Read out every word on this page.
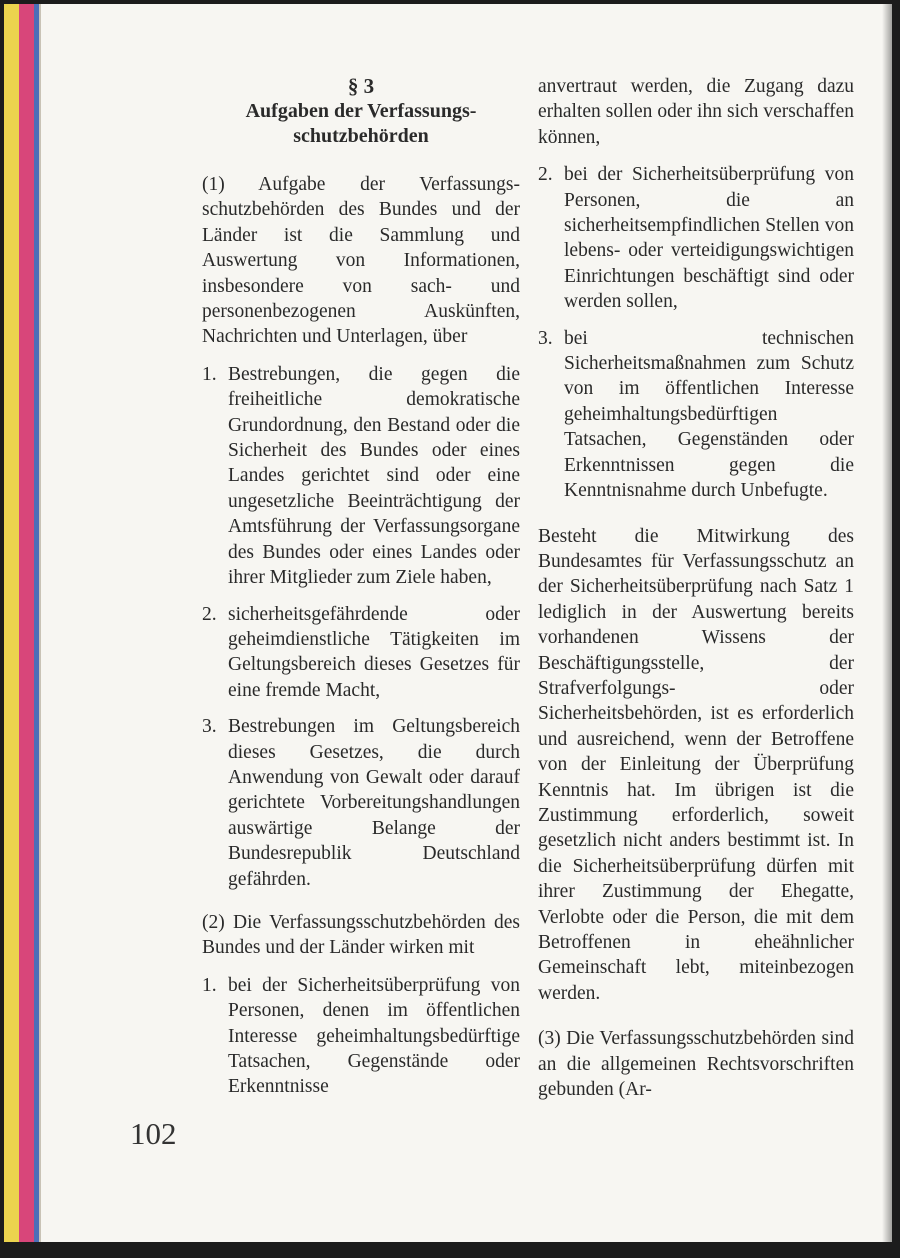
§ 3
Aufgaben der Verfassungs-
schutzbehörden

(1) Aufgabe der Verfassungs-schutzbehörden des Bundes und der Länder ist die Sammlung und Auswertung von Informationen, insbesondere von sach- und personenbezogenen Auskünften, Nachrichten und Unterlagen, über

1. Bestrebungen, die gegen die freiheitliche demokratische Grundordnung, den Bestand oder die Sicherheit des Bundes oder eines Landes gerichtet sind oder eine ungesetzliche Beeinträchtigung der Amtsführung der Verfassungsorgane des Bundes oder eines Landes oder ihrer Mitglieder zum Ziele haben,
2. sicherheitsgefährdende oder geheimdienstliche Tätigkeiten im Geltungsbereich dieses Gesetzes für eine fremde Macht,
3. Bestrebungen im Geltungsbereich dieses Gesetzes, die durch Anwendung von Gewalt oder darauf gerichtete Vorbereitungshandlungen auswärtige Belange der Bundesrepublik Deutschland gefährden.

(2) Die Verfassungsschutzbehörden des Bundes und der Länder wirken mit

1. bei der Sicherheitsüberprüfung von Personen, denen im öffentlichen Interesse geheimhaltungsbedürftige Tatsachen, Gegenstände oder Erkenntnisse

anvertraut werden, die Zugang dazu erhalten sollen oder ihn sich verschaffen können,

2. bei der Sicherheitsüberprüfung von Personen, die an sicherheitsempfindlichen Stellen von lebens- oder verteidigungswichtigen Einrichtungen beschäftigt sind oder werden sollen,
3. bei technischen Sicherheitsmaßnahmen zum Schutz von im öffentlichen Interesse geheimhaltungsbedürftigen Tatsachen, Gegenständen oder Erkenntnissen gegen die Kenntnisnahme durch Unbefugte.

Besteht die Mitwirkung des Bundesamtes für Verfassungsschutz an der Sicherheitsüberprüfung nach Satz 1 lediglich in der Auswertung bereits vorhandenen Wissens der Beschäftigungsstelle, der Strafverfolgungs- oder Sicherheitsbehörden, ist es erforderlich und ausreichend, wenn der Betroffene von der Einleitung der Überprüfung Kenntnis hat. Im übrigen ist die Zustimmung erforderlich, soweit gesetzlich nicht anders bestimmt ist. In die Sicherheitsüberprüfung dürfen mit ihrer Zustimmung der Ehegatte, Verlobte oder die Person, die mit dem Betroffenen in eheähnlicher Gemeinschaft lebt, miteinbezogen werden.

(3) Die Verfassungsschutzbehörden sind an die allgemeinen Rechtsvorschriften gebunden (Ar-

102
